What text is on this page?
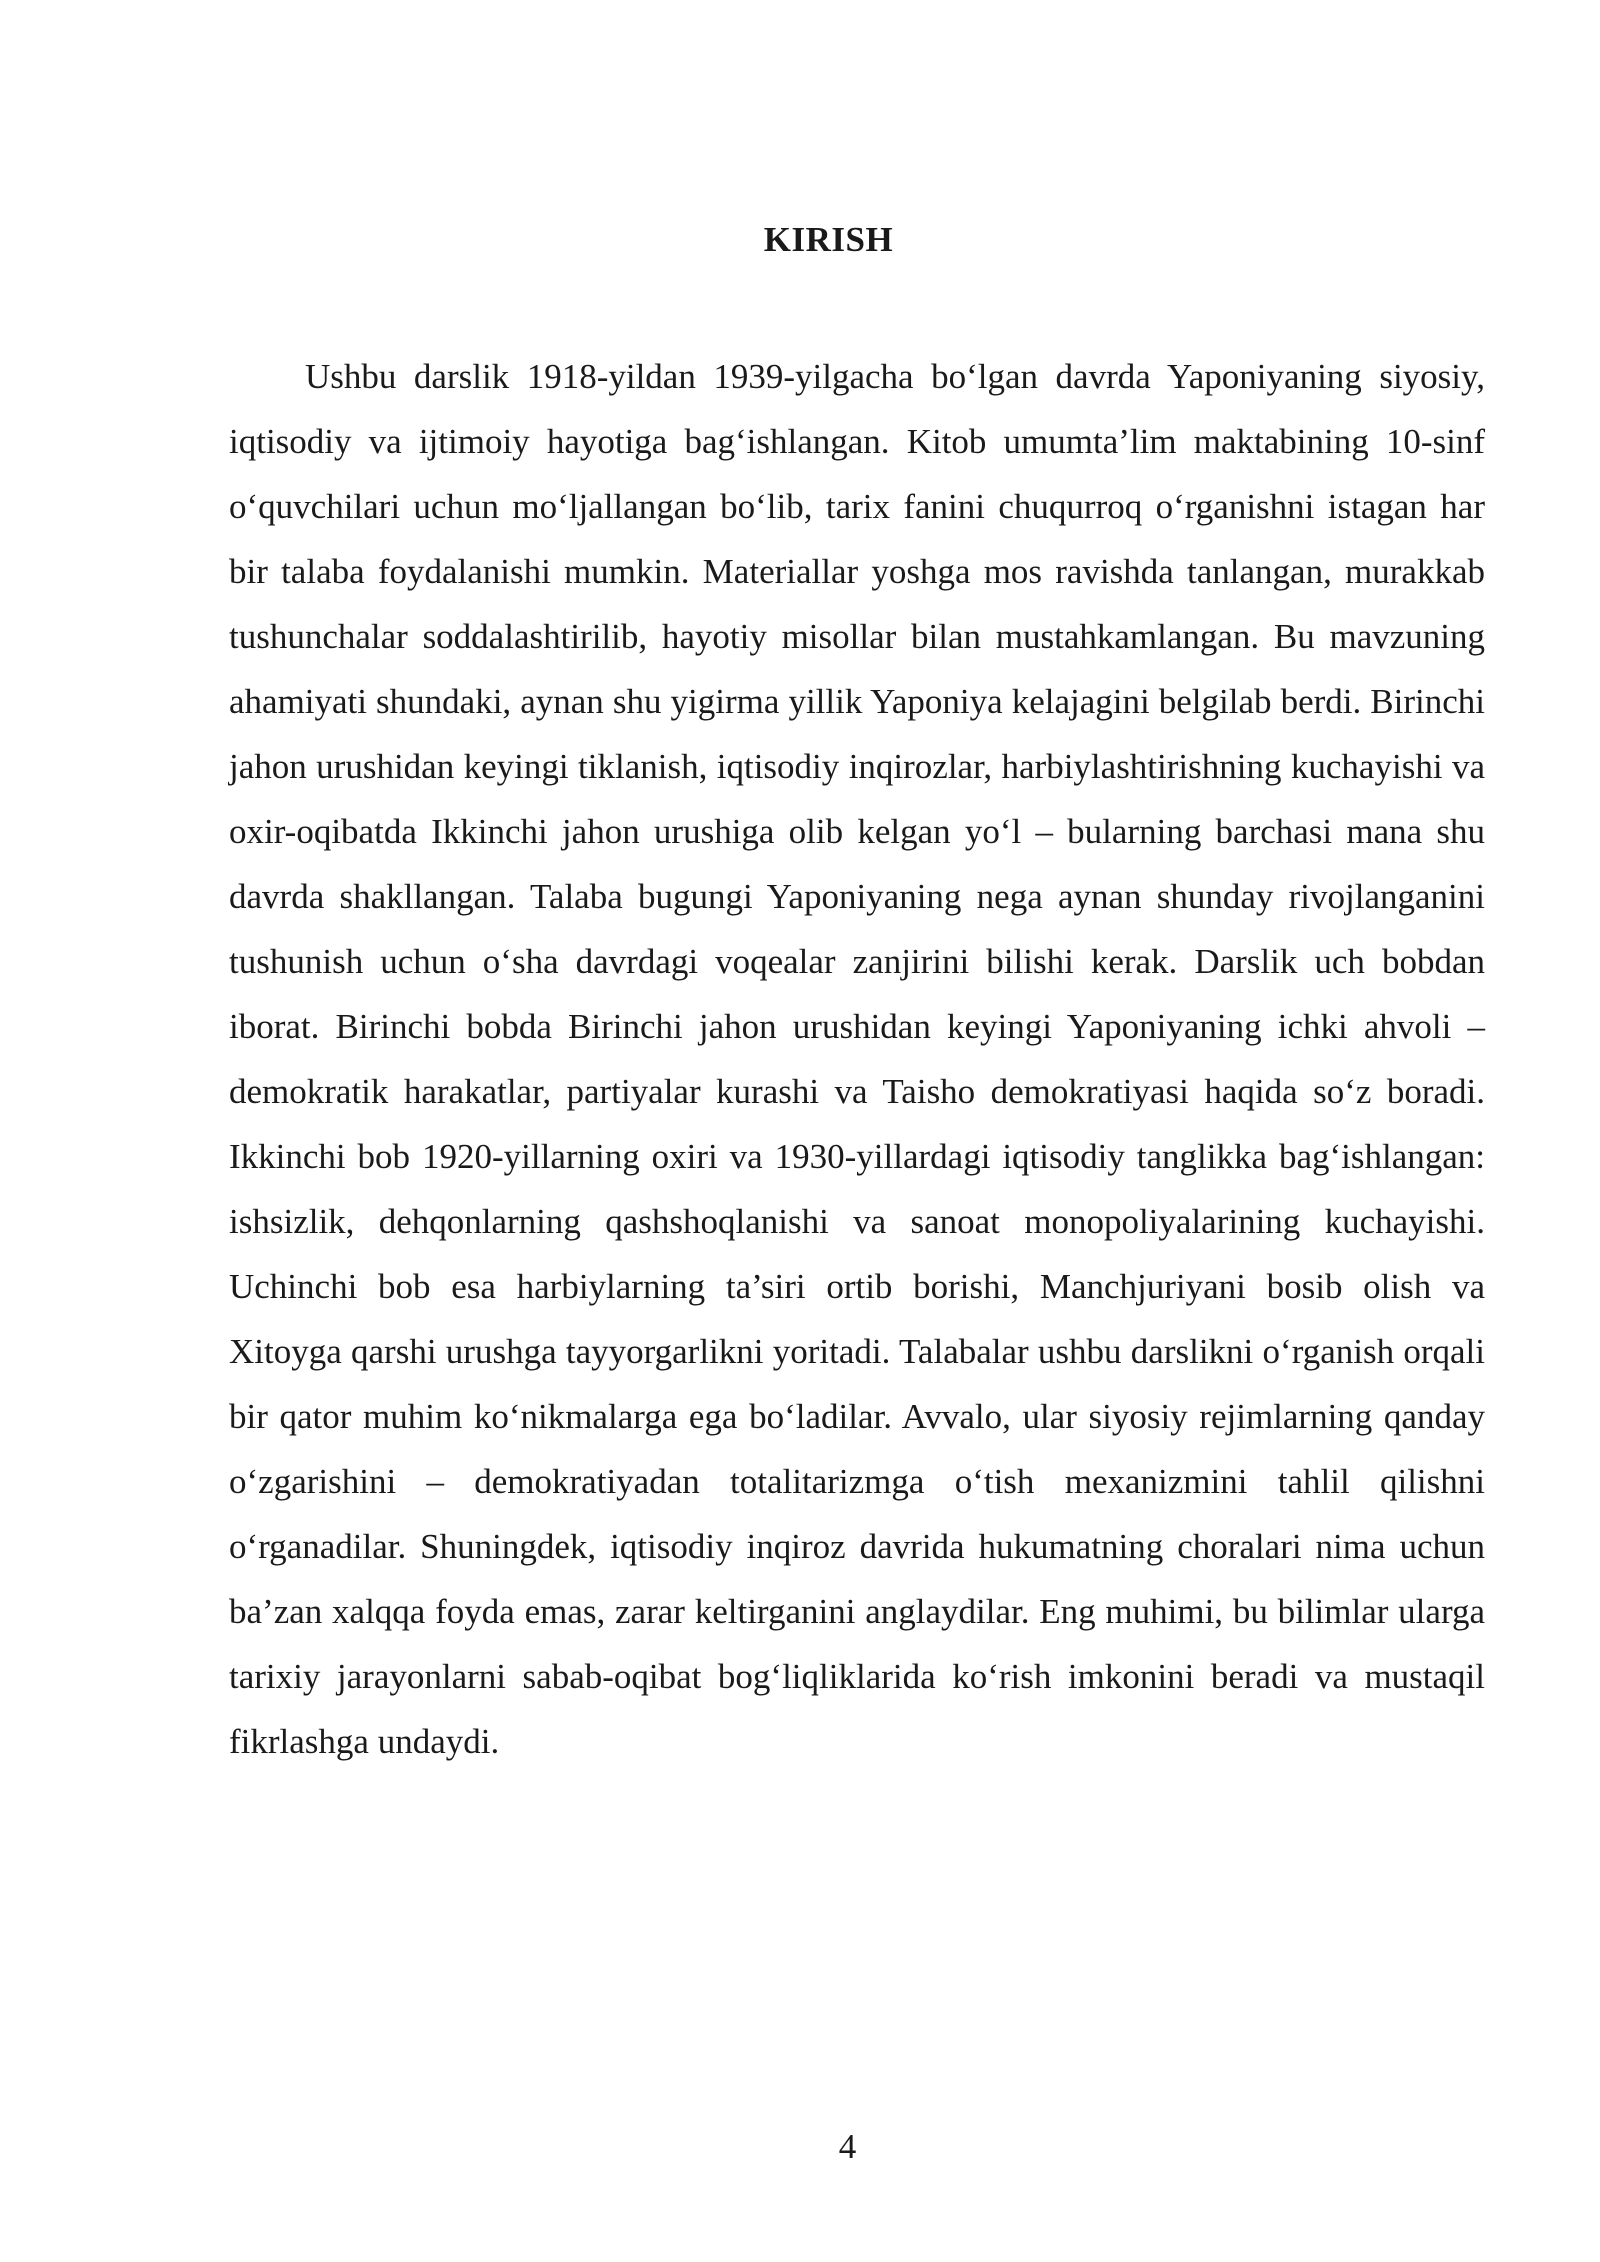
KIRISH

Ushbu darslik 1918-yildan 1939-yilgacha bo‘lgan davrda Yaponiyaning siyosiy, iqtisodiy va ijtimoiy hayotiga bag‘ishlangan. Kitob umumta’lim maktabining 10-sinf o‘quvchilari uchun mo‘ljallangan bo‘lib, tarix fanini chuqurroq o‘rganishni istagan har bir talaba foydalanishi mumkin. Materiallar yoshga mos ravishda tanlangan, murakkab tushunchalar soddalashtirilib, hayotiy misollar bilan mustahkamlangan. Bu mavzuning ahamiyati shundaki, aynan shu yigirma yillik Yaponiya kelajagini belgilab berdi. Birinchi jahon urushidan keyingi tiklanish, iqtisodiy inqirozlar, harbiylashtirishning kuchayishi va oxir-oqibatda Ikkinchi jahon urushiga olib kelgan yo‘l – bularning barchasi mana shu davrda shakllangan. Talaba bugungi Yaponiyaning nega aynan shunday rivojlanganini tushunish uchun o‘sha davrdagi voqealar zanjirini bilishi kerak. Darslik uch bobdan iborat. Birinchi bobda Birinchi jahon urushidan keyingi Yaponiyaning ichki ahvoli – demokratik harakatlar, partiyalar kurashi va Taisho demokratiyasi haqida so‘z boradi. Ikkinchi bob 1920-yillarning oxiri va 1930-yillardagi iqtisodiy tanglikka bag‘ishlangan: ishsizlik, dehqonlarning qashshoqlanishi va sanoat monopoliyalarining kuchayishi. Uchinchi bob esa harbiylarning ta’siri ortib borishi, Manchjuriyani bosib olish va Xitoyga qarshi urushga tayyorgarlikni yoritadi. Talabalar ushbu darslikni o‘rganish orqali bir qator muhim ko‘nikmalarga ega bo‘ladilar. Avvalo, ular siyosiy rejimlarning qanday o‘zgarishini – demokratiyadan totalitarizmga o‘tish mexanizmini tahlil qilishni o‘rganadilar. Shuningdek, iqtisodiy inqiroz davrida hukumatning choralari nima uchun ba’zan xalqqa foyda emas, zarar keltirganini anglaydilar. Eng muhimi, bu bilimlar ularga tarixiy jarayonlarni sabab-oqibat bog‘liqliklarida ko‘rish imkonini beradi va mustaqil fikrlashga undaydi.

4
